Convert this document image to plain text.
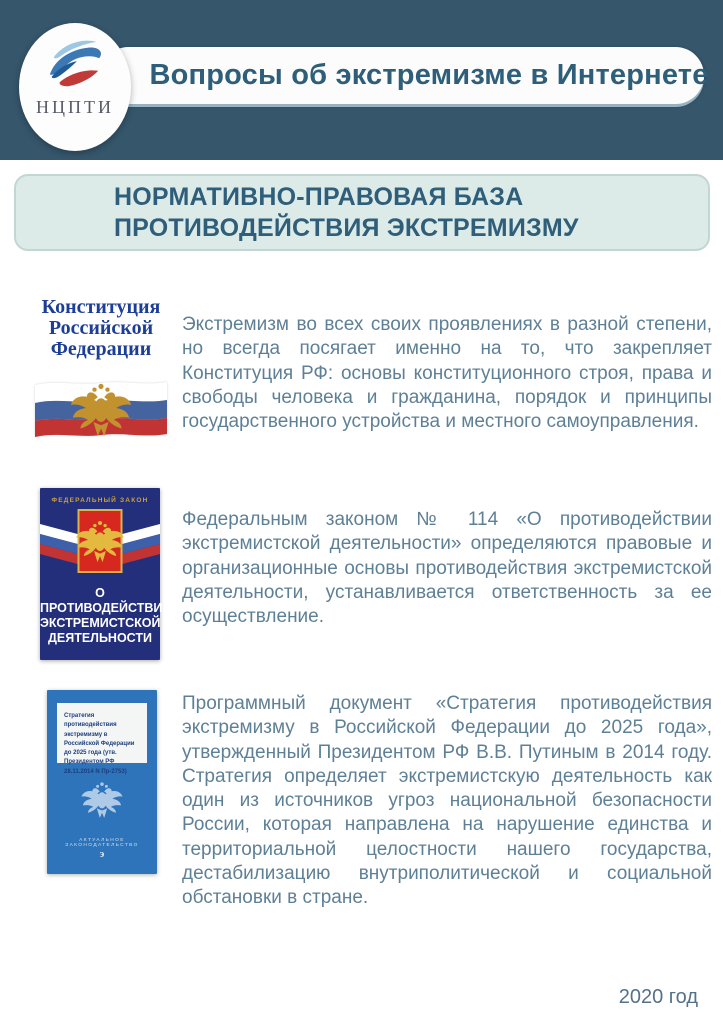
Вопросы об экстремизме в Интернете
НЦПТИ
НОРМАТИВНО-ПРАВОВАЯ БАЗА
ПРОТИВОДЕЙСТВИЯ ЭКСТРЕМИЗМУ
Конституция
Российской
Федерации

Экстремизм во всех своих проявлениях в разной степени, но всегда посягает именно на то, что закрепляет Конституция РФ: основы конституционного строя, права и свободы человека и гражданина, порядок и принципы государственного устройства и местного самоуправления.

ФЕДЕРАЛЬНЫЙ ЗАКОН
О ПРОТИВОДЕЙСТВИИ
ЭКСТРЕМИСТСКОЙ
ДЕЯТЕЛЬНОСТИ

Федеральным законом № 114 «О противодействии экстремистской деятельности» определяются правовые и организационные основы противодействия экстремистской деятельности, устанавливается ответственность за ее осуществление.

Стратегия противодействия экстремизму в Российской Федерации до 2025 года (утв. Президентом РФ 28.11.2014 N Пр-2753)
АКТУАЛЬНОЕ ЗАКОНОДАТЕЛЬСТВО
э

Программный документ «Стратегия противодействия экстремизму в Российской Федерации до 2025 года», утвержденный Президентом РФ В.В. Путиным в 2014 году. Стратегия определяет экстремистскую деятельность как один из источников угроз национальной безопасности России, которая направлена на нарушение единства и территориальной целостности нашего государства, дестабилизацию внутриполитической и социальной обстановки в стране.

2020 год
